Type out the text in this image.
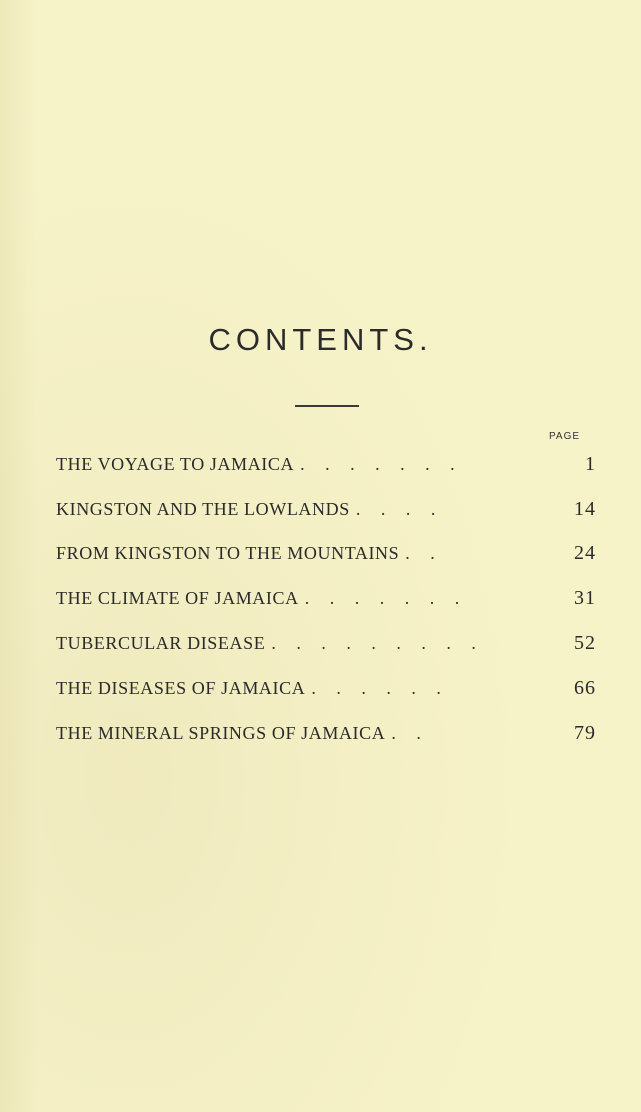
CONTENTS.
PAGE
THE VOYAGE TO JAMAICA . . . . . . .	1
KINGSTON AND THE LOWLANDS . . . .	14
FROM KINGSTON TO THE MOUNTAINS . .	24
THE CLIMATE OF JAMAICA . . . . . . .	31
TUBERCULAR DISEASE . . . . . . . . .	52
THE DISEASES OF JAMAICA . . . . . .	66
THE MINERAL SPRINGS OF JAMAICA . .	79
